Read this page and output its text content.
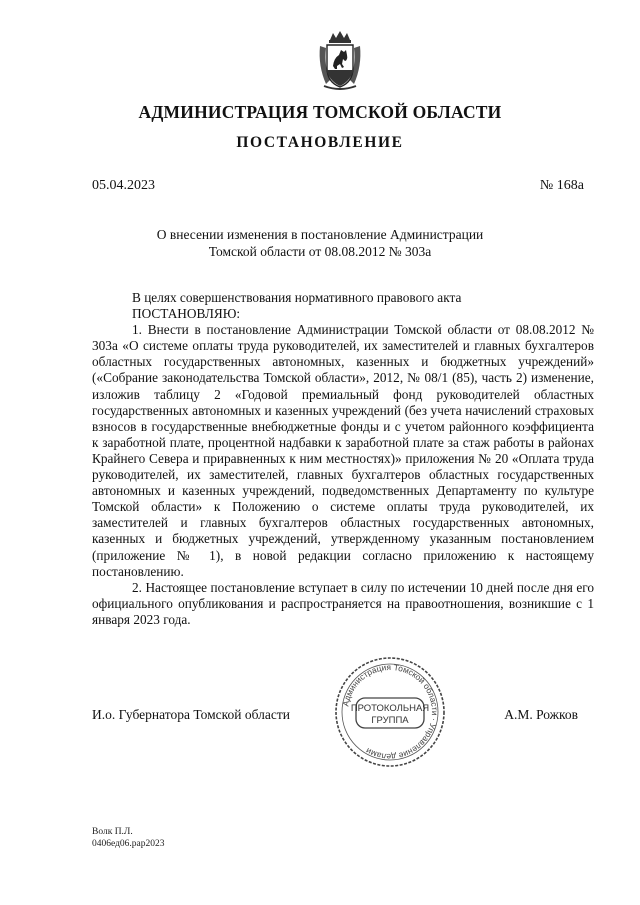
АДМИНИСТРАЦИЯ ТОМСКОЙ ОБЛАСТИ
ПОСТАНОВЛЕНИЕ
05.04.2023	№ 168а
О внесении изменения в постановление Администрации
Томской области от 08.08.2012 № 303а

В целях совершенствования нормативного правового акта

ПОСТАНОВЛЯЮ:

1. Внести в постановление Администрации Томской области от 08.08.2012 № 303а «О системе оплаты труда руководителей, их заместителей и главных бухгалтеров областных государственных автономных, казенных и бюджетных учреждений» («Собрание законодательства Томской области», 2012, № 08/1 (85), часть 2) изменение, изложив таблицу 2 «Годовой премиальный фонд руководителей областных государственных автономных и казенных учреждений (без учета начислений страховых взносов в государственные внебюджетные фонды и с учетом районного коэффициента к заработной плате, процентной надбавки к заработной плате за стаж работы в районах Крайнего Севера и приравненных к ним местностях)» приложения № 20 «Оплата труда руководителей, их заместителей, главных бухгалтеров областных государственных автономных и казенных учреждений, подведомственных Департаменту по культуре Томской области» к Положению о системе оплаты труда руководителей, их заместителей и главных бухгалтеров областных государственных автономных, казенных и бюджетных учреждений, утвержденному указанным постановлением (приложение № 1), в новой редакции согласно приложению к настоящему постановлению.

2. Настоящее постановление вступает в силу по истечении 10 дней после дня его официального опубликования и распространяется на правоотношения, возникшие с 1 января 2023 года.

И.о. Губернатора Томской области	А.М. Рожков
Администрация Томской области · Управление делами
ПРОТОКОЛЬНАЯ
ГРУППА
Волк П.Л.
0406ед06.рар2023
